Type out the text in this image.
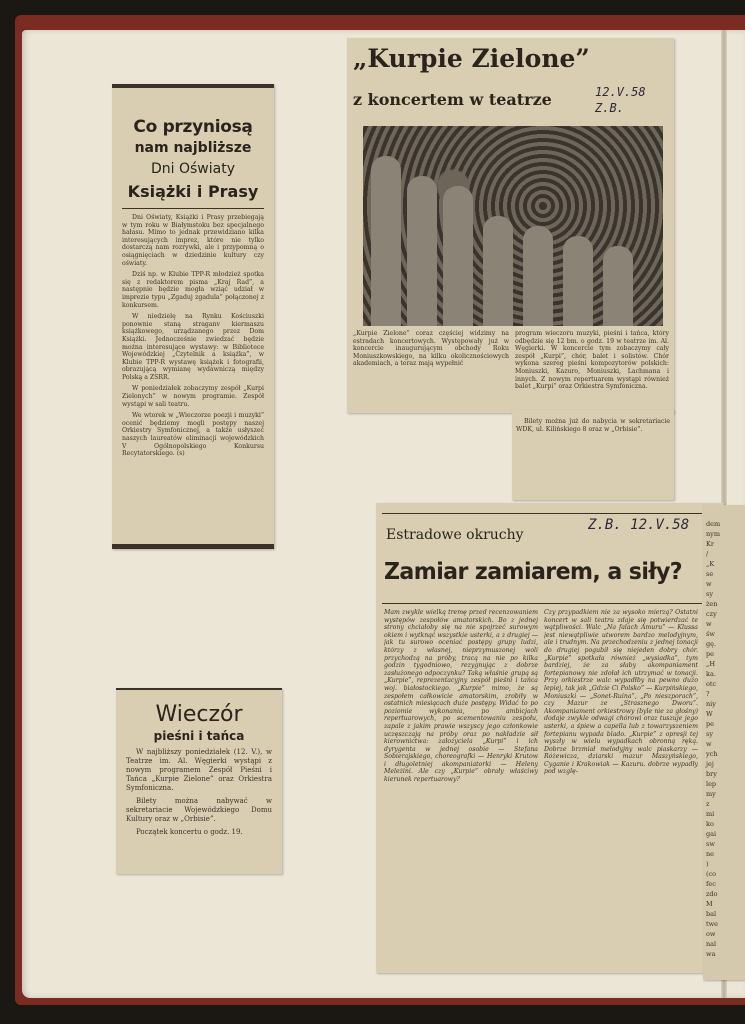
Co przyniosą
nam najbliższe
Dni Oświaty
Książki i Prasy
Dni Oświaty, Książki i Prasy przebiegają w tym roku w Białymstoku bez specjalnego hałasu. Mimo to jednak przewidziano kilka interesujących imprez, które nie tylko dostarczą nam rozrywki, ale i przypomną o osiągnięciach w dziedzinie kultury czy oświaty.
Dziś np. w Klubie TPP-R młodzież spotka się z redaktorem pisma „Kraj Rad”, a następnie będzie mogła wziąć udział w imprezie typu „Zgaduj zgadula” połączonej z konkursem.
W niedzielę na Rynku Kościuszki ponownie staną straganv kiermaszu książkowego, urządzanego przez Dom Książki. Jednocześnie zwiedzać będzie można interesujące wystawy: w Bibliotece Wojewódzkiej „Czytelnik a książka”, w Klubie TPP-R wystawę książek i fotografii, obrazującą wymianę wydawniczą między Polską a ZSRR.
W poniedziałek zobaczymy zespół „Kurpi Zielonych” w nowym programie. Zespół wystąpi w sali teatru.
We wtorek w „Wieczorze poezji i muzyki” ocenić będziemy mogli postępy naszej Orkiestry Symfonicznej, a także usłyszeć naszych laureatów eliminacji wojewódzkich V Ogólnopolskiego Konkursu Recytatorskiego. (s)
„Kurpie Zielone”
z koncertem w teatrze	12.V.58 Z.B.
„Kurpie Zielone” coraz częściej widzimy na estradach koncertowych. Występowały już w koncercie inaugurującym obchody Roku Moniuszkowskiego, na kilku okolicznościowych akademiach, a teraz mają wypełnić
program wieczoru muzyki, pieśni i tańca, który odbędzie się 12 bm. o godz. 19 w teatrze im. Al. Węgierki. W koncercie tym zobaczymy cały zespół „Kurpi”, chór, balet i solistów. Chór wykona szereg pieśni kompozytorów polskich: Moniuszki, Kazuro, Moniuszki, Lachmana i innych. Z nowym repertuarem wystąpi również balet „Kurpi” oraz Orkiestra Symfoniczna.
Bilety można już do nabycia w sekretariacie WDK, ul. Kilińskiego 8 oraz w „Orbisie”.
Wieczór
pieśni i tańca
W najbliższy poniedziałek (12. V.), w Teatrze im. Al. Węgierki wystąpi z nowym programem Zespół Pieśni i Tańca „Kurpie Zielone” oraz Orkiestra Symfoniczna.
Bilety można nabywać w sekretariacie Wojewódzkiego Domu Kultury oraz w „Orbisie”.
Początek koncertu o godz. 19.
Estradowe okruchy
Z.B. 12.V.58
Zamiar zamiarem, a siły?
Mam zwykle wielką tremę przed recenzowaniem występów zespołów amatorskich. Bo z jednej strony chciałoby się na nie spojrzeć surowym okiem i wytknąć wszystkie usterki, a z drugiej — jak tu surowo oceniać postępy grupy ludzi, którzy z własnej, nieprzymuszonej woli przychodzą na próby, tracą na nie po kilka godzin tygodniowo, rezygnując z dobrze zasłużonego odpoczynku? Taką właśnie grupą są „Kurpie”, reprezentacyjny zespół pieśni i tańca woj. białostockiego. „Kurpie” mimo, że są zespołem całkowicie amatorskim, zrobiły w ostatnich miesiącach duże postępy. Widać to po poziomie wykonania, po ambicjach repertuarowych, po scementowaniu zespołu, zapale z jakim prawie wszyscy jego członkowie uczęszczają na próby oraz po nakładzie sił kierownictwa: założyciela „Kurpi” i ich dyrygenta w jednej osobie — Stefana Sobierajskiego, choreografki — Henryki Krutow i długoletniej akompaniatorki — Heleny Meleżini. Ale czy „Kurpie” obrały właściwy kierunek repertuarowy?
Czy przypadkiem nie za wysoko mierzą? Ostatni koncert w sali teatru zdaje się potwierdzać te wątpliwości. Walc „Na falach Amuru” — Klussa jest niewątpliwie utworem bardzo melodyjnym, ale i trudnym. Na przechodzeniu z jednej tonacji do drugiej pogubił się niejeden dobry chór. „Kurpie” spotkała również „wysiadka”, tym bardziej, że za słaby akompaniament fortepianowy nie zdołał ich utrzymać w tonacji. Przy orkiestrze walc wypadłby na pewno dużo lepiej, tak jak „Gdzie Ci Polsko” — Kurpińskiego, Moniuszki — „Sonet-Ruina”, „Po nieszporach”, czy Mazur ze „Strasznego Dworu”. Akompaniament orkiestrowy (byle nie za głośny) dodaje zwykle odwagi chórowi oraz tuszuje jego usterki, a śpiew a capella lub z towarzyszeniem fortepianu wypada blado. „Kurpie” z opresji tej wyszły w wielu wypadkach obronną ręką. Dobrze brzmiał melodyjny walc piaskarzy — Różewicza, dziarski mazur Maszyńskiego, Cyganie i Krakowiak — Kazuru. dobrze wypadły pod wzglę-
dem nym Kr / „K se w sy żen czy w św gę. pe „H ka. otc ? niy W pe sy w ych jej bry lep my z mi ko gai sw ne ) (co fec zdo M bal twe ow nal wa
